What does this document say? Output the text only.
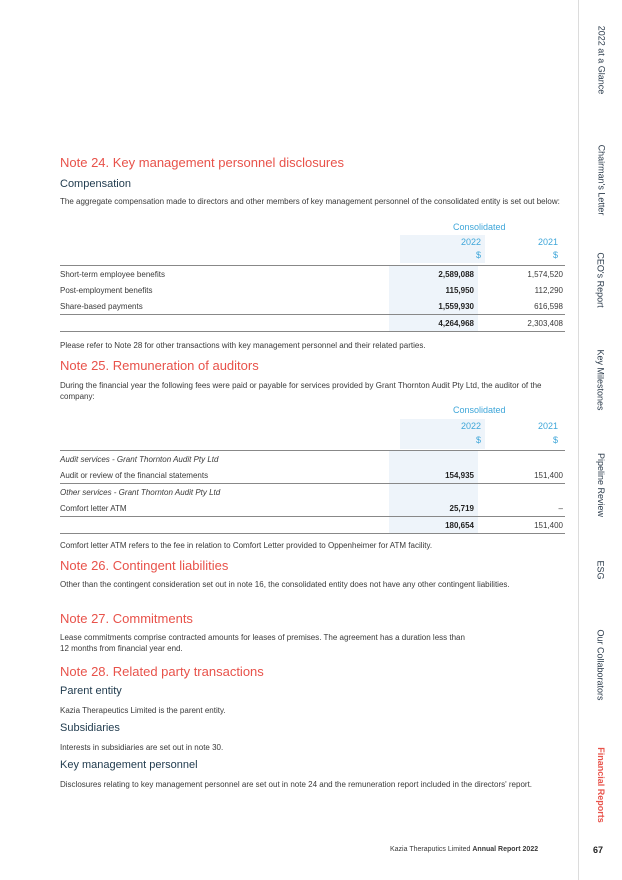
Note 24. Key management personnel disclosures
Compensation

The aggregate compensation made to directors and other members of key management personnel of the consolidated entity is set out below:

Consolidated
2022	2021
$	$
Short-term employee benefits	2,589,088	1,574,520
Post-employment benefits	115,950	112,290
Share-based payments	1,559,930	616,598
	4,264,968	2,303,408

Please refer to Note 28 for other transactions with key management personnel and their related parties.

Note 25. Remuneration of auditors

During the financial year the following fees were paid or payable for services provided by Grant Thornton Audit Pty Ltd, the auditor of the company:

Consolidated
2022	2021
$	$
Audit services - Grant Thornton Audit Pty Ltd		
Audit or review of the financial statements	154,935	151,400
Other services - Grant Thornton Audit Pty Ltd		
Comfort letter ATM	25,719	–
	180,654	151,400

Comfort letter ATM refers to the fee in relation to Comfort Letter provided to Oppenheimer for ATM facility.

Note 26. Contingent liabilities

Other than the contingent consideration set out in note 16, the consolidated entity does not have any other contingent liabilities.

Note 27. Commitments

Lease commitments comprise contracted amounts for leases of premises. The agreement has a duration less than

12 months from financial year end.

Note 28. Related party transactions
Parent entity

Kazia Therapeutics Limited is the parent entity.

Subsidiaries

Interests in subsidiaries are set out in note 30.

Key management personnel

Disclosures relating to key management personnel are set out in note 24 and the remuneration report included in the directors' report.

Kazia Theraputics Limited Annual Report 2022	67
2022 at a Glance
Chairman's Letter
CEO's Report
Key Milestones
Pipeline Review
ESG
Our Collaborators
Financial Reports
